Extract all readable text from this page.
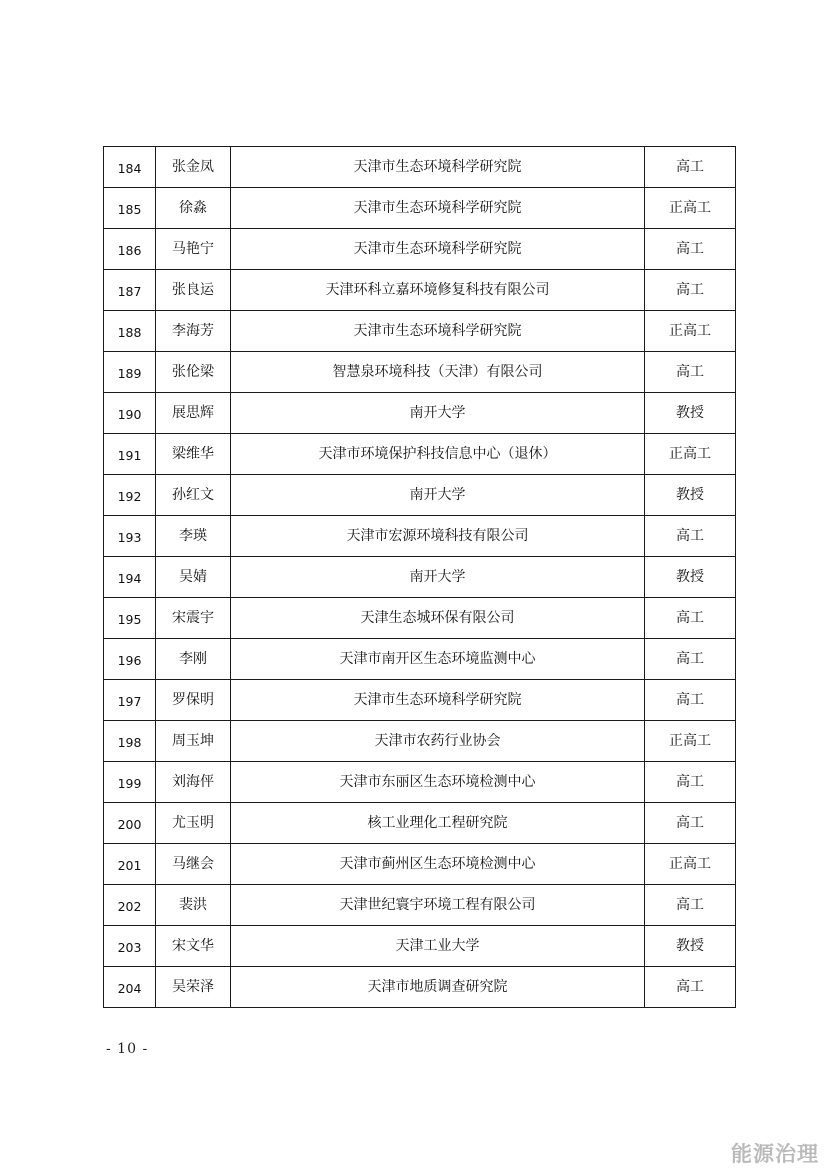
184	张金凤	天津市生态环境科学研究院	高工
185	徐淼	天津市生态环境科学研究院	正高工
186	马艳宁	天津市生态环境科学研究院	高工
187	张良运	天津环科立嘉环境修复科技有限公司	高工
188	李海芳	天津市生态环境科学研究院	正高工
189	张伦梁	智慧泉环境科技（天津）有限公司	高工
190	展思辉	南开大学	教授
191	梁维华	天津市环境保护科技信息中心（退休）	正高工
192	孙红文	南开大学	教授
193	李瑛	天津市宏源环境科技有限公司	高工
194	吴婧	南开大学	教授
195	宋震宇	天津生态城环保有限公司	高工
196	李刚	天津市南开区生态环境监测中心	高工
197	罗保明	天津市生态环境科学研究院	高工
198	周玉坤	天津市农药行业协会	正高工
199	刘海伻	天津市东丽区生态环境检测中心	高工
200	尤玉明	核工业理化工程研究院	高工
201	马继会	天津市蓟州区生态环境检测中心	正高工
202	裴洪	天津世纪寰宇环境工程有限公司	高工
203	宋文华	天津工业大学	教授
204	吴荣泽	天津市地质调查研究院	高工
- 10 -
能源治理
